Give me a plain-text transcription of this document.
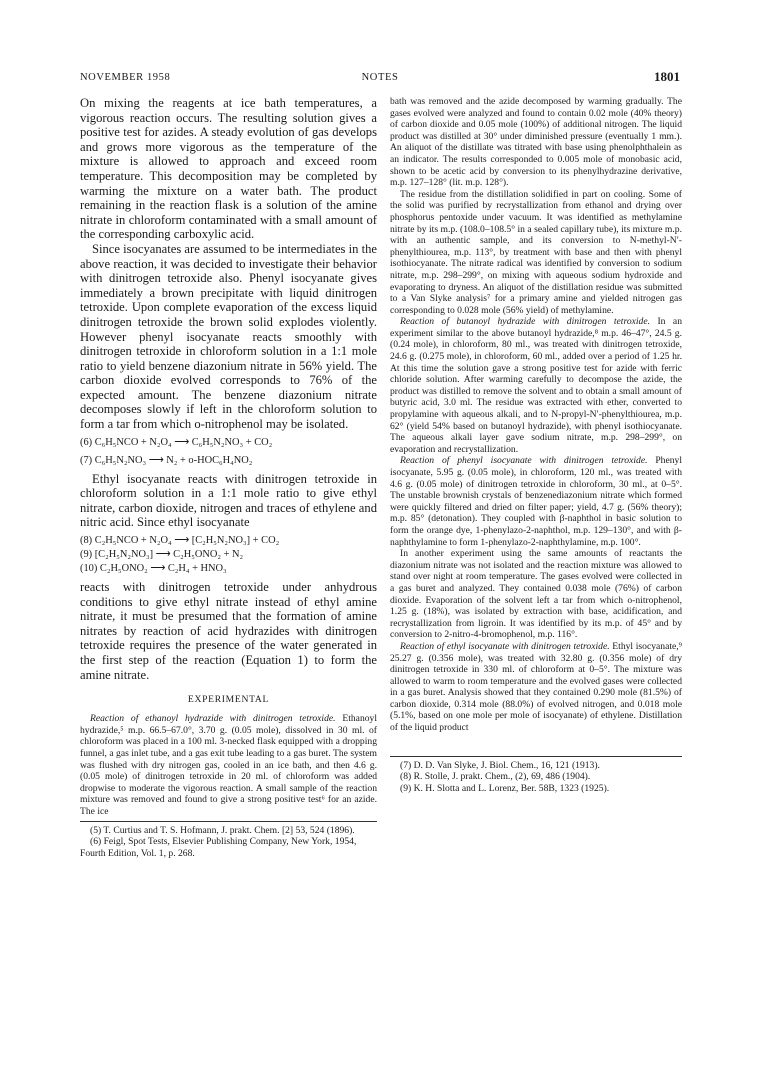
NOVEMBER 1958	NOTES	1801

On mixing the reagents at ice bath temperatures, a vigorous reaction occurs. The resulting solution gives a positive test for azides. A steady evolution of gas develops and grows more vigorous as the temperature of the mixture is allowed to approach and exceed room temperature. This decomposition may be completed by warming the mixture on a water bath. The product remaining in the reaction flask is a solution of the amine nitrate in chloroform contaminated with a small amount of the corresponding carboxylic acid.

Since isocyanates are assumed to be intermediates in the above reaction, it was decided to investigate their behavior with dinitrogen tetroxide also. Phenyl isocyanate gives immediately a brown precipitate with liquid dinitrogen tetroxide. Upon complete evaporation of the excess liquid dinitrogen tetroxide the brown solid explodes violently. However phenyl isocyanate reacts smoothly with dinitrogen tetroxide in chloroform solution in a 1:1 mole ratio to yield benzene diazonium nitrate in 56% yield. The carbon dioxide evolved corresponds to 76% of the expected amount. The benzene diazonium nitrate decomposes slowly if left in the chloroform solution to form a tar from which o-nitrophenol may be isolated.

(6) C₆H₅NCO + N₂O₄ ⟶ C₆H₅N₂NO₃ + CO₂
(7) C₆H₅N₂NO₃ ⟶ N₂ + o-HOC₆H₄NO₂

Ethyl isocyanate reacts with dinitrogen tetroxide in chloroform solution in a 1:1 mole ratio to give ethyl nitrate, carbon dioxide, nitrogen and traces of ethylene and nitric acid. Since ethyl isocyanate

(8) C₂H₅NCO + N₂O₄ ⟶ [C₂H₅N₂NO₃] + CO₂
(9) [C₂H₅N₂NO₃] ⟶ C₂H₅ONO₂ + N₂
(10) C₂H₅ONO₂ ⟶ C₂H₄ + HNO₃

reacts with dinitrogen tetroxide under anhydrous conditions to give ethyl nitrate instead of ethyl amine nitrate, it must be presumed that the formation of amine nitrates by reaction of acid hydrazides with dinitrogen tetroxide requires the presence of the water generated in the first step of the reaction (Equation 1) to form the amine nitrate.

EXPERIMENTAL

Reaction of ethanoyl hydrazide with dinitrogen tetroxide. Ethanoyl hydrazide,⁵ m.p. 66.5–67.0°, 3.70 g. (0.05 mole), dissolved in 30 ml. of chloroform was placed in a 100 ml. 3-necked flask equipped with a dropping funnel, a gas inlet tube, and a gas exit tube leading to a gas buret. The system was flushed with dry nitrogen gas, cooled in an ice bath, and then 4.6 g. (0.05 mole) of dinitrogen tetroxide in 20 ml. of chloroform was added dropwise to moderate the vigorous reaction. A small sample of the reaction mixture was removed and found to give a strong positive test⁶ for an azide. The ice

(5) T. Curtius and T. S. Hofmann, J. prakt. Chem. [2] 53, 524 (1896).

(6) Feigl, Spot Tests, Elsevier Publishing Company, New York, 1954, Fourth Edition, Vol. 1, p. 268.

bath was removed and the azide decomposed by warming gradually. The gases evolved were analyzed and found to contain 0.02 mole (40% theory) of carbon dioxide and 0.05 mole (100%) of additional nitrogen. The liquid product was distilled at 30° under diminished pressure (eventually 1 mm.). An aliquot of the distillate was titrated with base using phenolphthalein as an indicator. The results corresponded to 0.005 mole of monobasic acid, shown to be acetic acid by conversion to its phenylhydrazine derivative, m.p. 127–128° (lit. m.p. 128°).

The residue from the distillation solidified in part on cooling. Some of the solid was purified by recrystallization from ethanol and drying over phosphorus pentoxide under vacuum. It was identified as methylamine nitrate by its m.p. (108.0–108.5° in a sealed capillary tube), its mixture m.p. with an authentic sample, and its conversion to N-methyl-N′-phenylthiourea, m.p. 113°, by treatment with base and then with phenyl isothiocyanate. The nitrate radical was identified by conversion to sodium nitrate, m.p. 298–299°, on mixing with aqueous sodium hydroxide and evaporating to dryness. An aliquot of the distillation residue was submitted to a Van Slyke analysis⁷ for a primary amine and yielded nitrogen gas corresponding to 0.028 mole (56% yield) of methylamine.

Reaction of butanoyl hydrazide with dinitrogen tetroxide. In an experiment similar to the above butanoyl hydrazide,⁸ m.p. 46–47°, 24.5 g. (0.24 mole), in chloroform, 80 ml., was treated with dinitrogen tetroxide, 24.6 g. (0.275 mole), in chloroform, 60 ml., added over a period of 1.25 hr. At this time the solution gave a strong positive test for azide with ferric chloride solution. After warming carefully to decompose the azide, the product was distilled to remove the solvent and to obtain a small amount of butyric acid, 3.0 ml. The residue was extracted with ether, converted to propylamine with aqueous alkali, and to N-propyl-N′-phenylthiourea, m.p. 62° (yield 54% based on butanoyl hydrazide), with phenyl isothiocyanate. The aqueous alkali layer gave sodium nitrate, m.p. 298–299°, on evaporation and recrystallization.

Reaction of phenyl isocyanate with dinitrogen tetroxide. Phenyl isocyanate, 5.95 g. (0.05 mole), in chloroform, 120 ml., was treated with 4.6 g. (0.05 mole) of dinitrogen tetroxide in chloroform, 30 ml., at 0–5°. The unstable brownish crystals of benzenediazonium nitrate which formed were quickly filtered and dried on filter paper; yield, 4.7 g. (56% theory); m.p. 85° (detonation). They coupled with β-naphthol in basic solution to form the orange dye, 1-phenylazo-2-naphthol, m.p. 129–130°, and with β-naphthylamine to form 1-phenylazo-2-naphthylamine, m.p. 100°.

In another experiment using the same amounts of reactants the diazonium nitrate was not isolated and the reaction mixture was allowed to stand over night at room temperature. The gases evolved were collected in a gas buret and analyzed. They contained 0.038 mole (76%) of carbon dioxide. Evaporation of the solvent left a tar from which o-nitrophenol, 1.25 g. (18%), was isolated by extraction with base, acidification, and recrystallization from ligroin. It was identified by its m.p. of 45° and by conversion to 2-nitro-4-bromophenol, m.p. 116°.

Reaction of ethyl isocyanate with dinitrogen tetroxide. Ethyl isocyanate,⁹ 25.27 g. (0.356 mole), was treated with 32.80 g. (0.356 mole) of dry dinitrogen tetroxide in 330 ml. of chloroform at 0–5°. The mixture was allowed to warm to room temperature and the evolved gases were collected in a gas buret. Analysis showed that they contained 0.290 mole (81.5%) of carbon dioxide, 0.314 mole (88.0%) of evolved nitrogen, and 0.018 mole (5.1%, based on one mole per mole of isocyanate) of ethylene. Distillation of the liquid product

(7) D. D. Van Slyke, J. Biol. Chem., 16, 121 (1913).

(8) R. Stolle, J. prakt. Chem., (2), 69, 486 (1904).

(9) K. H. Slotta and L. Lorenz, Ber. 58B, 1323 (1925).
